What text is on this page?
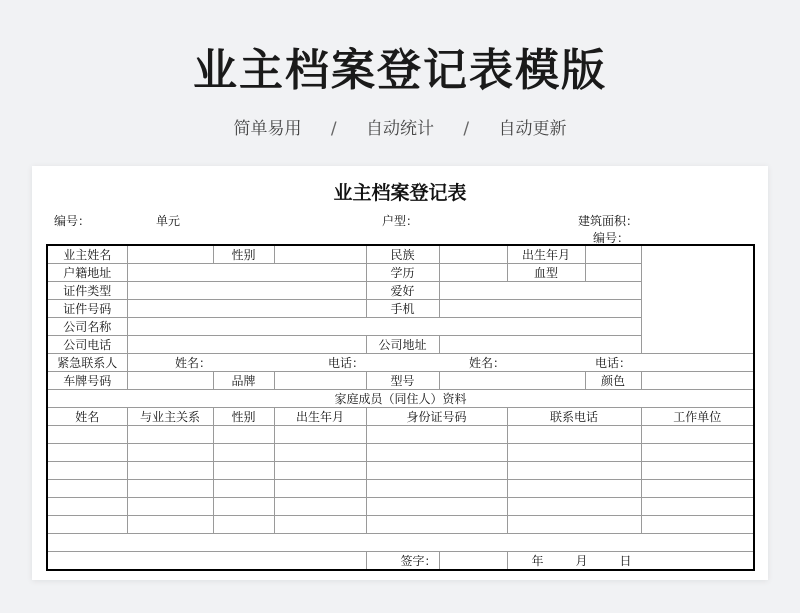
业主档案登记表模版
简单易用 / 自动统计 / 自动更新
业主档案登记表
编号：	单元	户型：	建筑面积：
编号：
业主姓名		性别		民族		出生年月		
户籍地址				学历		血型		
证件类型				爱好				
证件号码				手机				
公司名称								
公司电话				公司地址				
紧急联系人	姓名：		电话：		姓名：		电话：	
车牌号码		品牌		型号			颜色	
家庭成员（同住人）资料								
姓名	与业主关系	性别	出生年月	身份证号码		联系电话		工作单位

				签字：		年 月 日		
